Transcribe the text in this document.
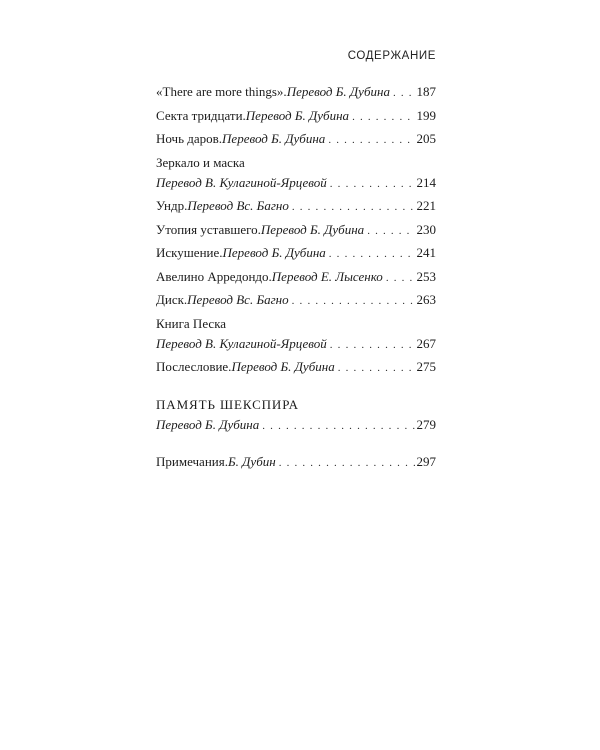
СОДЕРЖАНИЕ
«There are more things». Перевод Б. Дубина . . . 187
Секта тридцати. Перевод Б. Дубина . . .	199
Ночь даров. Перевод Б. Дубина . . .	205
Зеркало и маска
Перевод В. Кулагиной-Ярцевой . . .	214
Ундр. Перевод Вс. Багно . . .	221
Утопия уставшего. Перевод Б. Дубина . . .	230
Искушение. Перевод Б. Дубина . . .	241
Авелино Арредондо. Перевод Е. Лысенко . . .	253
Диск. Перевод Вс. Багно . . .	263
Книга Песка
Перевод В. Кулагиной-Ярцевой . . .	267
Послесловие. Перевод Б. Дубина . . .	275
ПАМЯТЬ ШЕКСПИРА
Перевод Б. Дубина . . .	279
Примечания. Б. Дубин . . .	297
